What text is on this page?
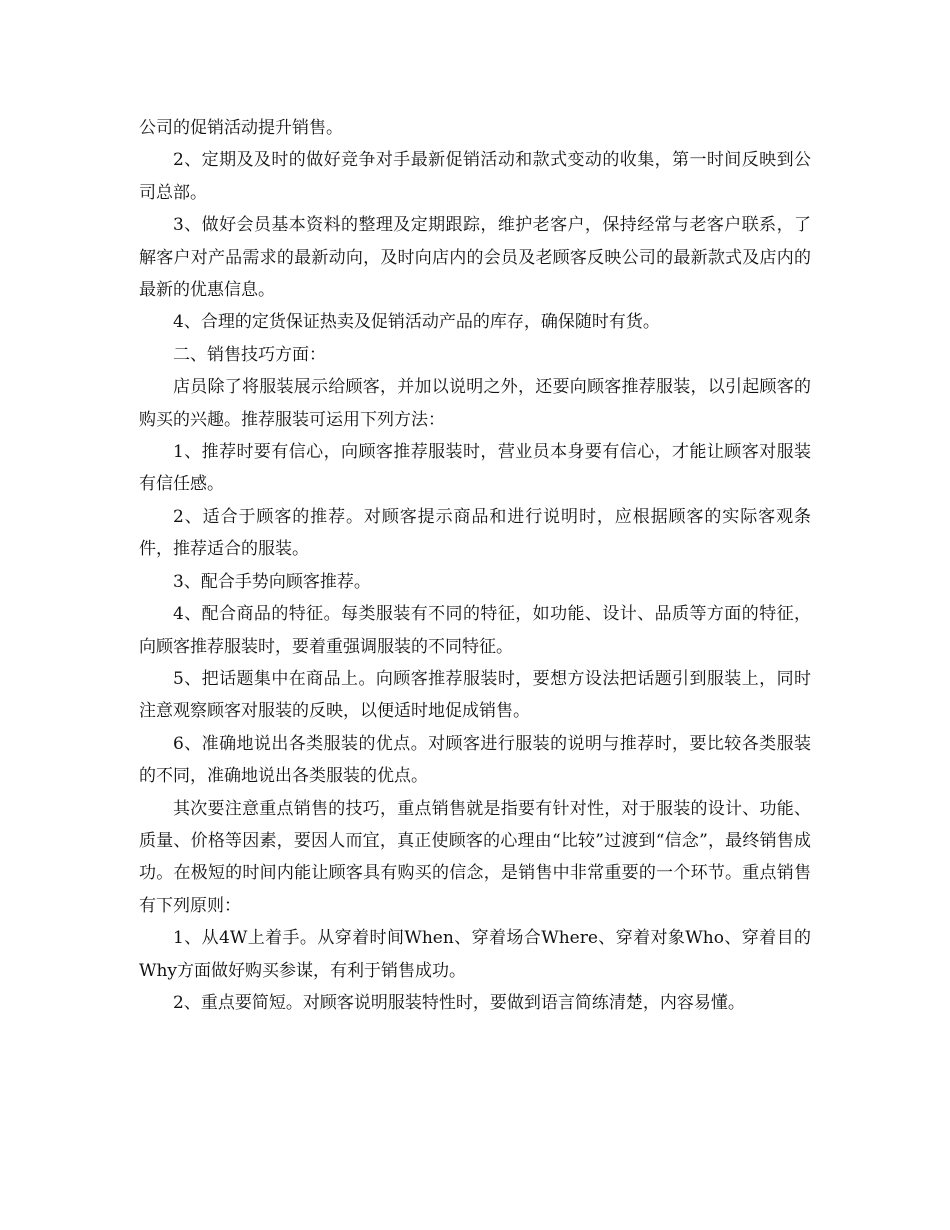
公司的促销活动提升销售。

2、定期及及时的做好竞争对手最新促销活动和款式变动的收集，第一时间反映到公司总部。

3、做好会员基本资料的整理及定期跟踪，维护老客户，保持经常与老客户联系，了解客户对产品需求的最新动向，及时向店内的会员及老顾客反映公司的最新款式及店内的最新的优惠信息。

4、合理的定货保证热卖及促销活动产品的库存，确保随时有货。

二、销售技巧方面：

店员除了将服装展示给顾客，并加以说明之外，还要向顾客推荐服装，以引起顾客的购买的兴趣。推荐服装可运用下列方法：

1、推荐时要有信心，向顾客推荐服装时，营业员本身要有信心，才能让顾客对服装有信任感。

2、适合于顾客的推荐。对顾客提示商品和进行说明时，应根据顾客的实际客观条件，推荐适合的服装。

3、配合手势向顾客推荐。

4、配合商品的特征。每类服装有不同的特征，如功能、设计、品质等方面的特征，向顾客推荐服装时，要着重强调服装的不同特征。

5、把话题集中在商品上。向顾客推荐服装时，要想方设法把话题引到服装上，同时注意观察顾客对服装的反映，以便适时地促成销售。

6、准确地说出各类服装的优点。对顾客进行服装的说明与推荐时，要比较各类服装的不同，准确地说出各类服装的优点。

其次要注意重点销售的技巧，重点销售就是指要有针对性，对于服装的设计、功能、质量、价格等因素，要因人而宜，真正使顾客的心理由“比较”过渡到“信念”，最终销售成功。在极短的时间内能让顾客具有购买的信念，是销售中非常重要的一个环节。重点销售有下列原则：

1、从4W上着手。从穿着时间When、穿着场合Where、穿着对象Who、穿着目的Why方面做好购买参谋，有利于销售成功。

2、重点要简短。对顾客说明服装特性时，要做到语言简练清楚，内容易懂。
